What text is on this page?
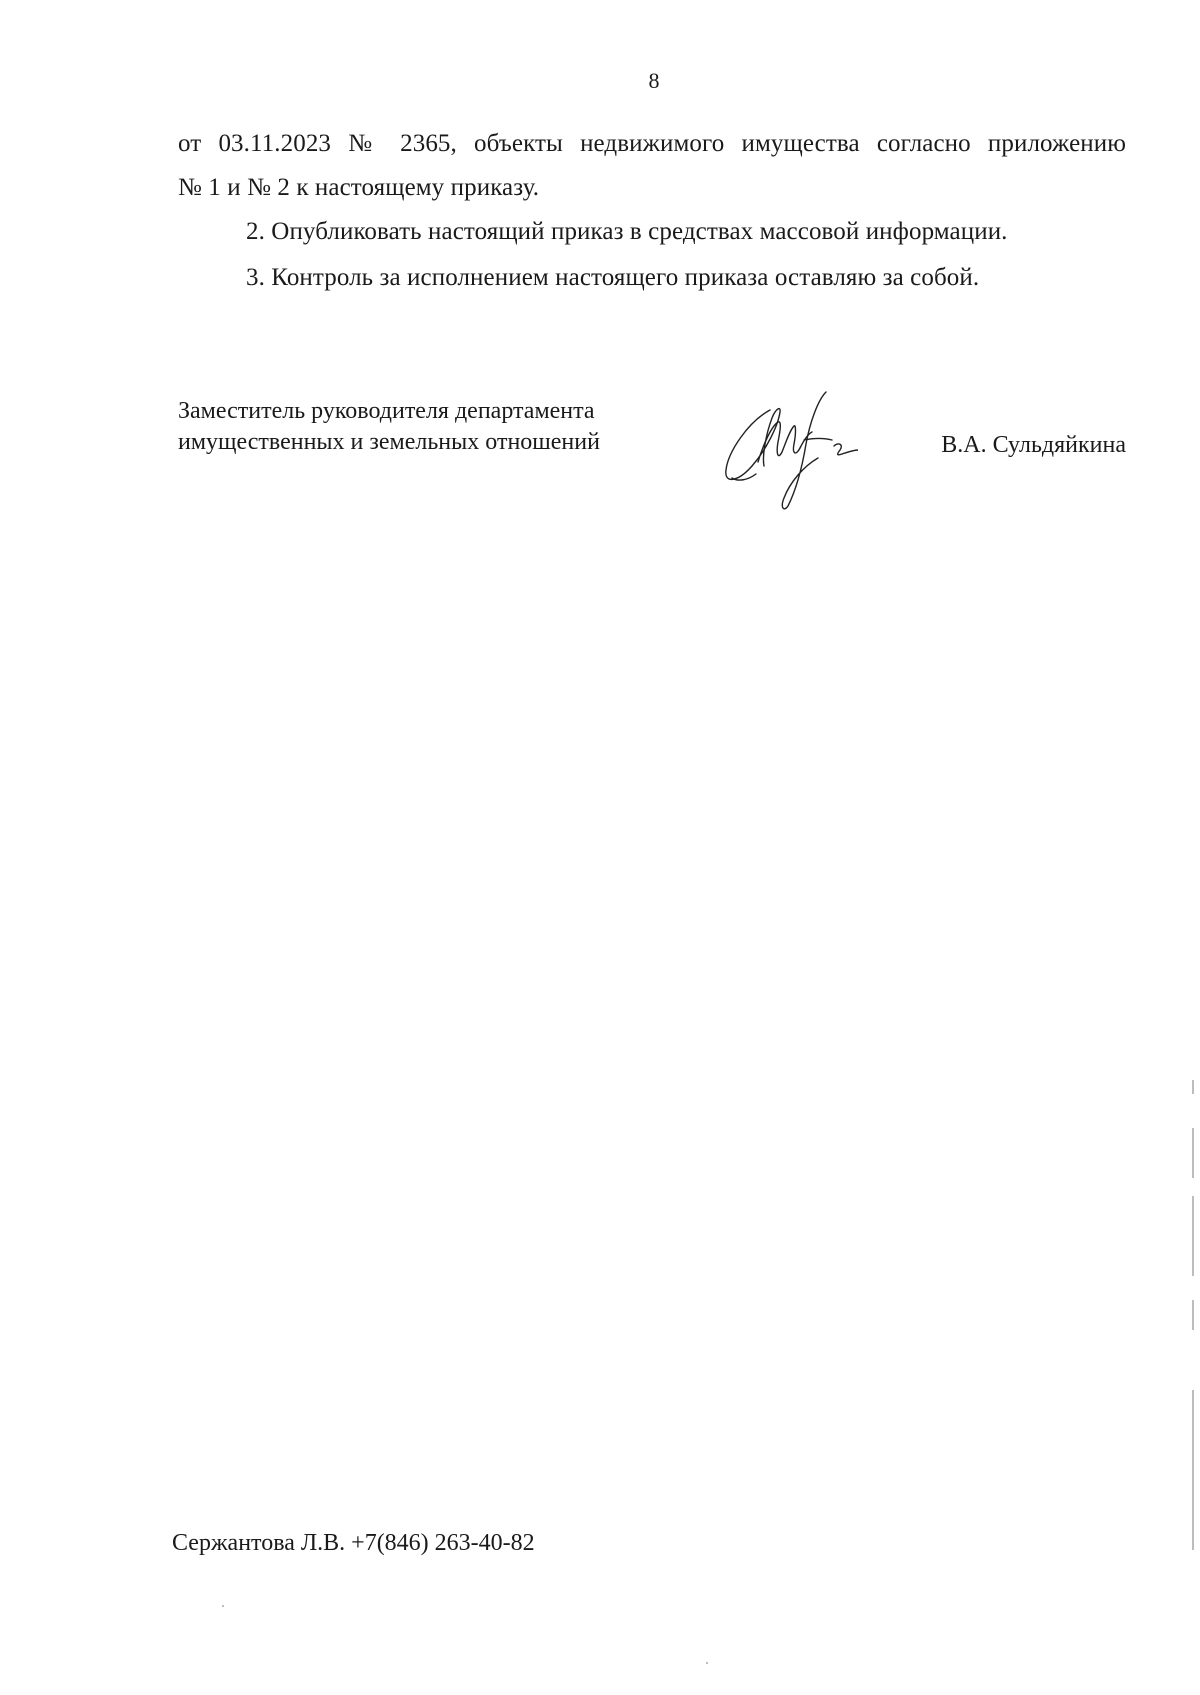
8

от 03.11.2023 № 2365, объекты недвижимого имущества согласно приложению

№ 1 и № 2 к настоящему приказу.

2. Опубликовать настоящий приказ в средствах массовой информации.

3. Контроль за исполнением настоящего приказа оставляю за собой.

Заместитель руководителя департамента
имущественных и земельных отношений	В.А. Сульдяйкина
Сержантова Л.В. +7(846) 263-40-82
